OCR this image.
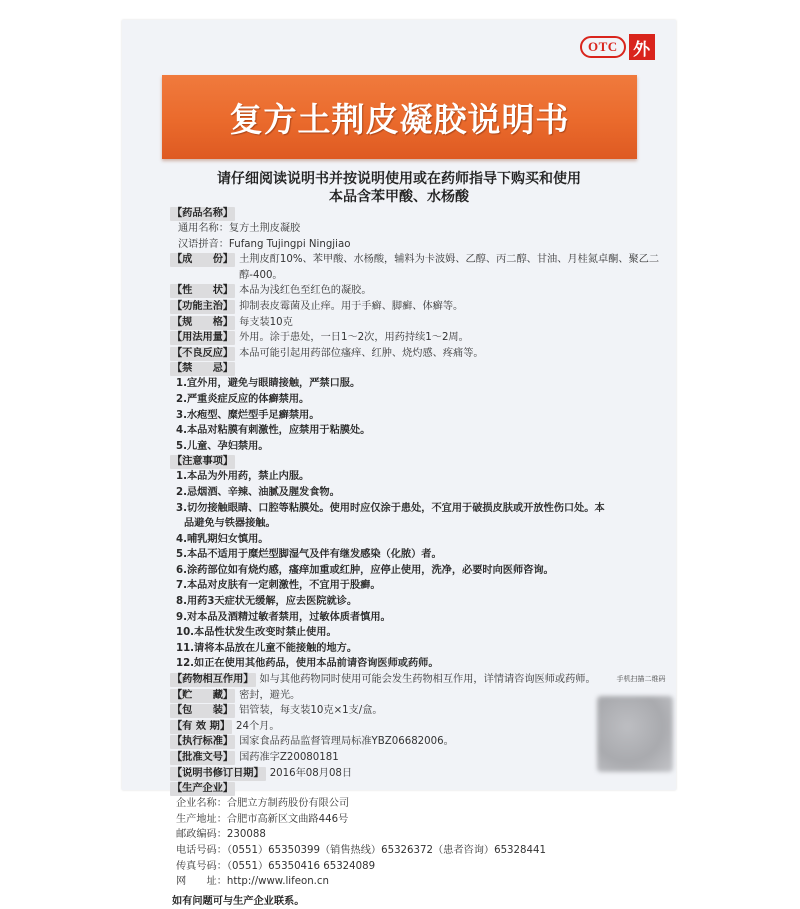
OTC 外
复方土荆皮凝胶说明书
请仔细阅读说明书并按说明使用或在药师指导下购买和使用
本品含苯甲酸、水杨酸
【药品名称】
通用名称：复方土荆皮凝胶
汉语拼音：Fufang Tujingpi Ningjiao
【成　　份】 土荆皮酊10%、苯甲酸、水杨酸，辅料为卡波姆、乙醇、丙二醇、甘油、月桂氮卓酮、聚乙二醇-400。
【性　　状】 本品为浅红色至红色的凝胶。
【功能主治】 抑制表皮霉菌及止痒。用于手癣、脚癣、体癣等。
【规　　格】 每支装10克
【用法用量】 外用。涂于患处，一日1～2次，用药持续1～2周。
【不良反应】 本品可能引起用药部位瘙痒、红肿、烧灼感、疼痛等。
【禁　　忌】
1.宜外用，避免与眼睛接触，严禁口服。
2.严重炎症反应的体癣禁用。
3.水疱型、糜烂型手足癣禁用。
4.本品对粘膜有刺激性，应禁用于粘膜处。
5.儿童、孕妇禁用。
【注意事项】
1.本品为外用药，禁止内服。
2.忌烟酒、辛辣、油腻及腥发食物。
3.切勿接触眼睛、口腔等粘膜处。使用时应仅涂于患处，不宜用于破损皮肤或开放性伤口处。本
品避免与铁器接触。
4.哺乳期妇女慎用。
5.本品不适用于糜烂型脚湿气及伴有继发感染（化脓）者。
6.涂药部位如有烧灼感，瘙痒加重或红肿，应停止使用，洗净，必要时向医师咨询。
7.本品对皮肤有一定刺激性，不宜用于股癣。
8.用药3天症状无缓解，应去医院就诊。
9.对本品及酒精过敏者禁用，过敏体质者慎用。
10.本品性状发生改变时禁止使用。
11.请将本品放在儿童不能接触的地方。
12.如正在使用其他药品，使用本品前请咨询医师或药师。
【药物相互作用】 如与其他药物同时使用可能会发生药物相互作用，详情请咨询医师或药师。
【贮　　藏】 密封，避光。
【包　　装】 铝管装，每支装10克×1支/盒。
【有 效 期】 24个月。
【执行标准】 国家食品药品监督管理局标准YBZ06682006。
【批准文号】 国药准字Z20080181
【说明书修订日期】 2016年08月08日
【生产企业】
企业名称：合肥立方制药股份有限公司
生产地址：合肥市高新区文曲路446号
邮政编码：230088
电话号码：（0551）65350399（销售热线）65326372（患者咨询）65328441
传真号码：（0551）65350416 65324089
网　　址：http://www.lifeon.cn
如有问题可与生产企业联系。
手机扫描二维码
